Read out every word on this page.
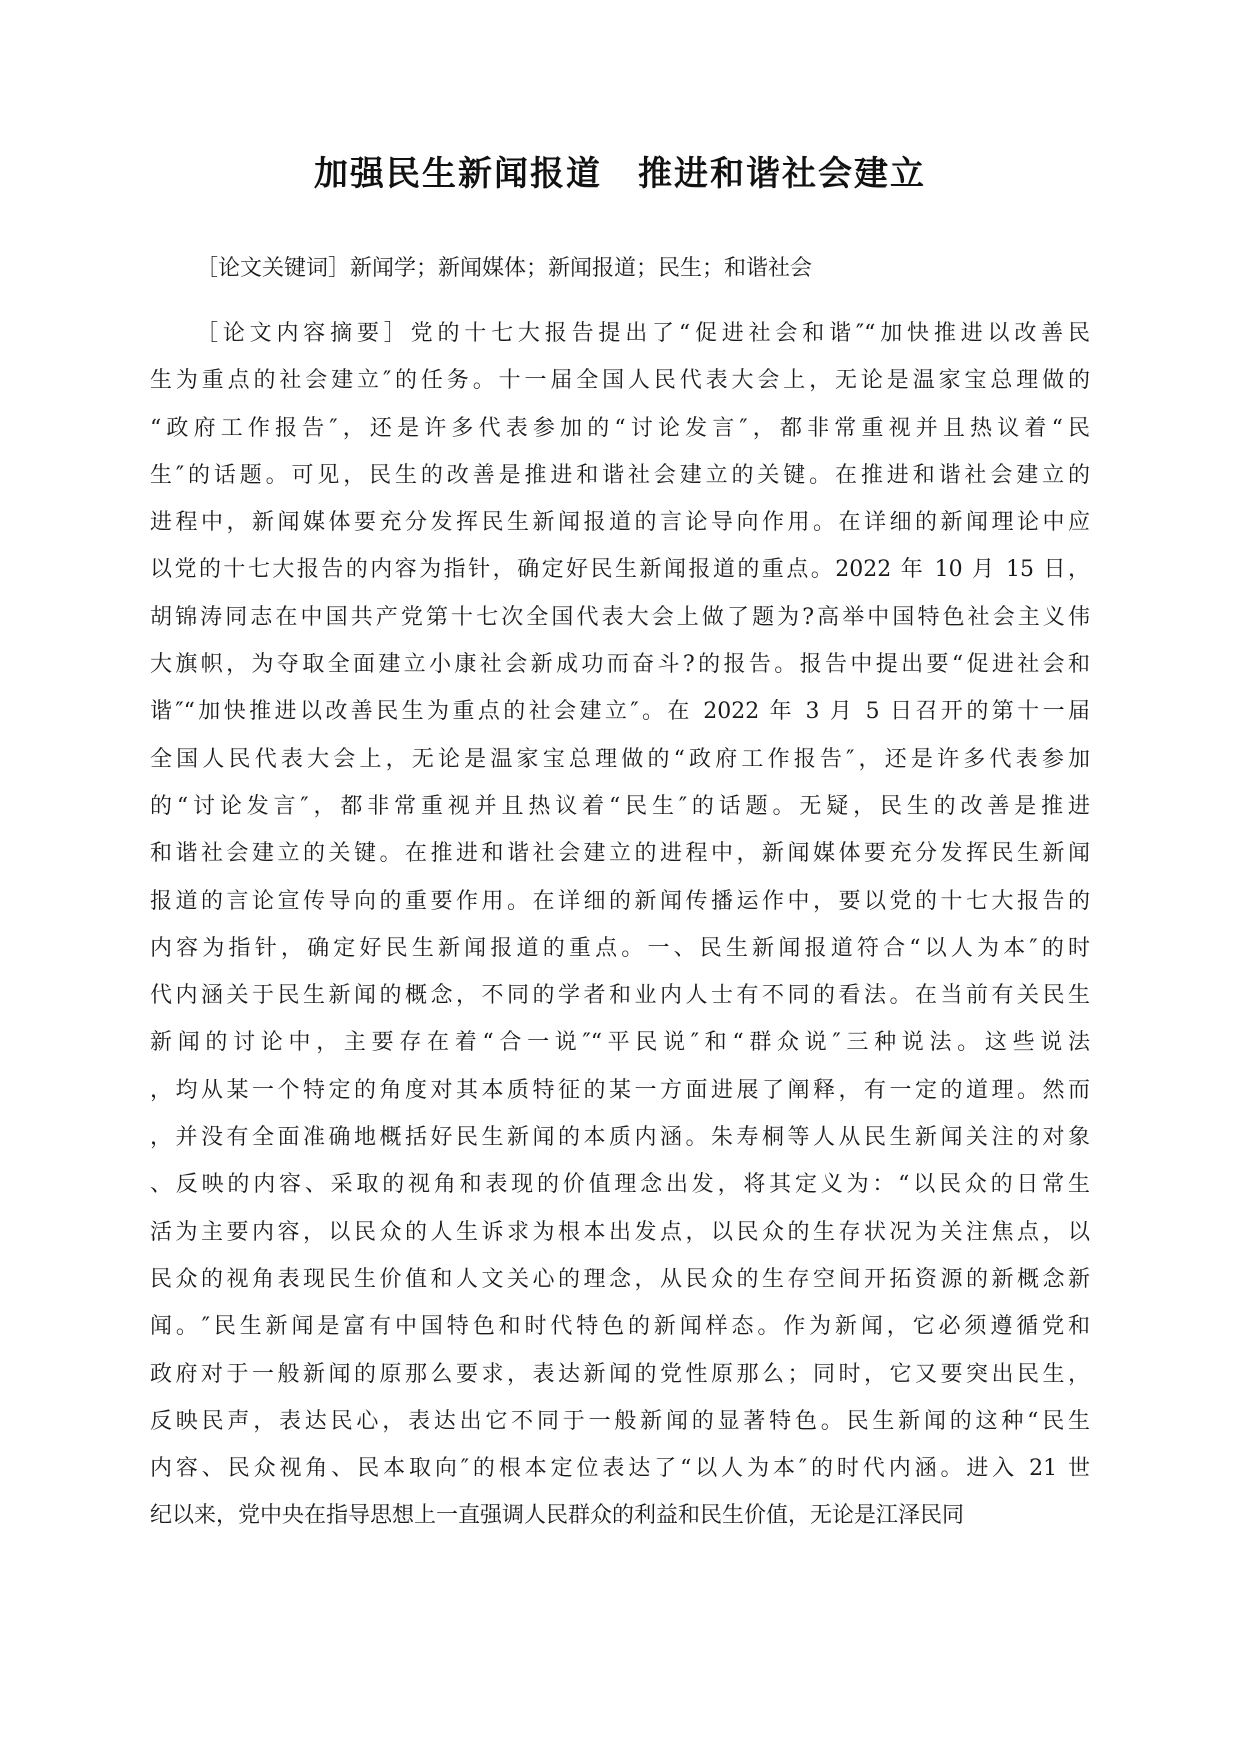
加强民生新闻报道　推进和谐社会建立
［论文关键词］新闻学；新闻媒体；新闻报道；民生；和谐社会
［论文内容摘要］党的十七大报告提出了“促进社会和谐″“加快推进以改善民
生为重点的社会建立″的任务。十一届全国人民代表大会上，无论是温家宝总理做的
“政府工作报告″，还是许多代表参加的“讨论发言″，都非常重视并且热议着“民
生″的话题。可见，民生的改善是推进和谐社会建立的关键。在推进和谐社会建立的
进程中，新闻媒体要充分发挥民生新闻报道的言论导向作用。在详细的新闻理论中应
以党的十七大报告的内容为指针，确定好民生新闻报道的重点。2022 年 10 月 15 日，
胡锦涛同志在中国共产党第十七次全国代表大会上做了题为?高举中国特色社会主义伟
大旗帜，为夺取全面建立小康社会新成功而奋斗?的报告。报告中提出要“促进社会和
谐″“加快推进以改善民生为重点的社会建立″。在 2022 年 3 月 5 日召开的第十一届
全国人民代表大会上，无论是温家宝总理做的“政府工作报告″，还是许多代表参加
的“讨论发言″，都非常重视并且热议着“民生″的话题。无疑，民生的改善是推进
和谐社会建立的关键。在推进和谐社会建立的进程中，新闻媒体要充分发挥民生新闻
报道的言论宣传导向的重要作用。在详细的新闻传播运作中，要以党的十七大报告的
内容为指针，确定好民生新闻报道的重点。一、民生新闻报道符合“以人为本″的时
代内涵关于民生新闻的概念，不同的学者和业内人士有不同的看法。在当前有关民生
新闻的讨论中，主要存在着“合一说″“平民说″和“群众说″三种说法。这些说法
，均从某一个特定的角度对其本质特征的某一方面进展了阐释，有一定的道理。然而
，并没有全面准确地概括好民生新闻的本质内涵。朱寿桐等人从民生新闻关注的对象
、反映的内容、采取的视角和表现的价值理念出发，将其定义为：“以民众的日常生
活为主要内容，以民众的人生诉求为根本出发点，以民众的生存状况为关注焦点，以
民众的视角表现民生价值和人文关心的理念，从民众的生存空间开拓资源的新概念新
闻。″民生新闻是富有中国特色和时代特色的新闻样态。作为新闻，它必须遵循党和
政府对于一般新闻的原那么要求，表达新闻的党性原那么；同时，它又要突出民生，
反映民声，表达民心，表达出它不同于一般新闻的显著特色。民生新闻的这种“民生
内容、民众视角、民本取向″的根本定位表达了“以人为本″的时代内涵。进入 21 世
纪以来，党中央在指导思想上一直强调人民群众的利益和民生价值，无论是江泽民同
